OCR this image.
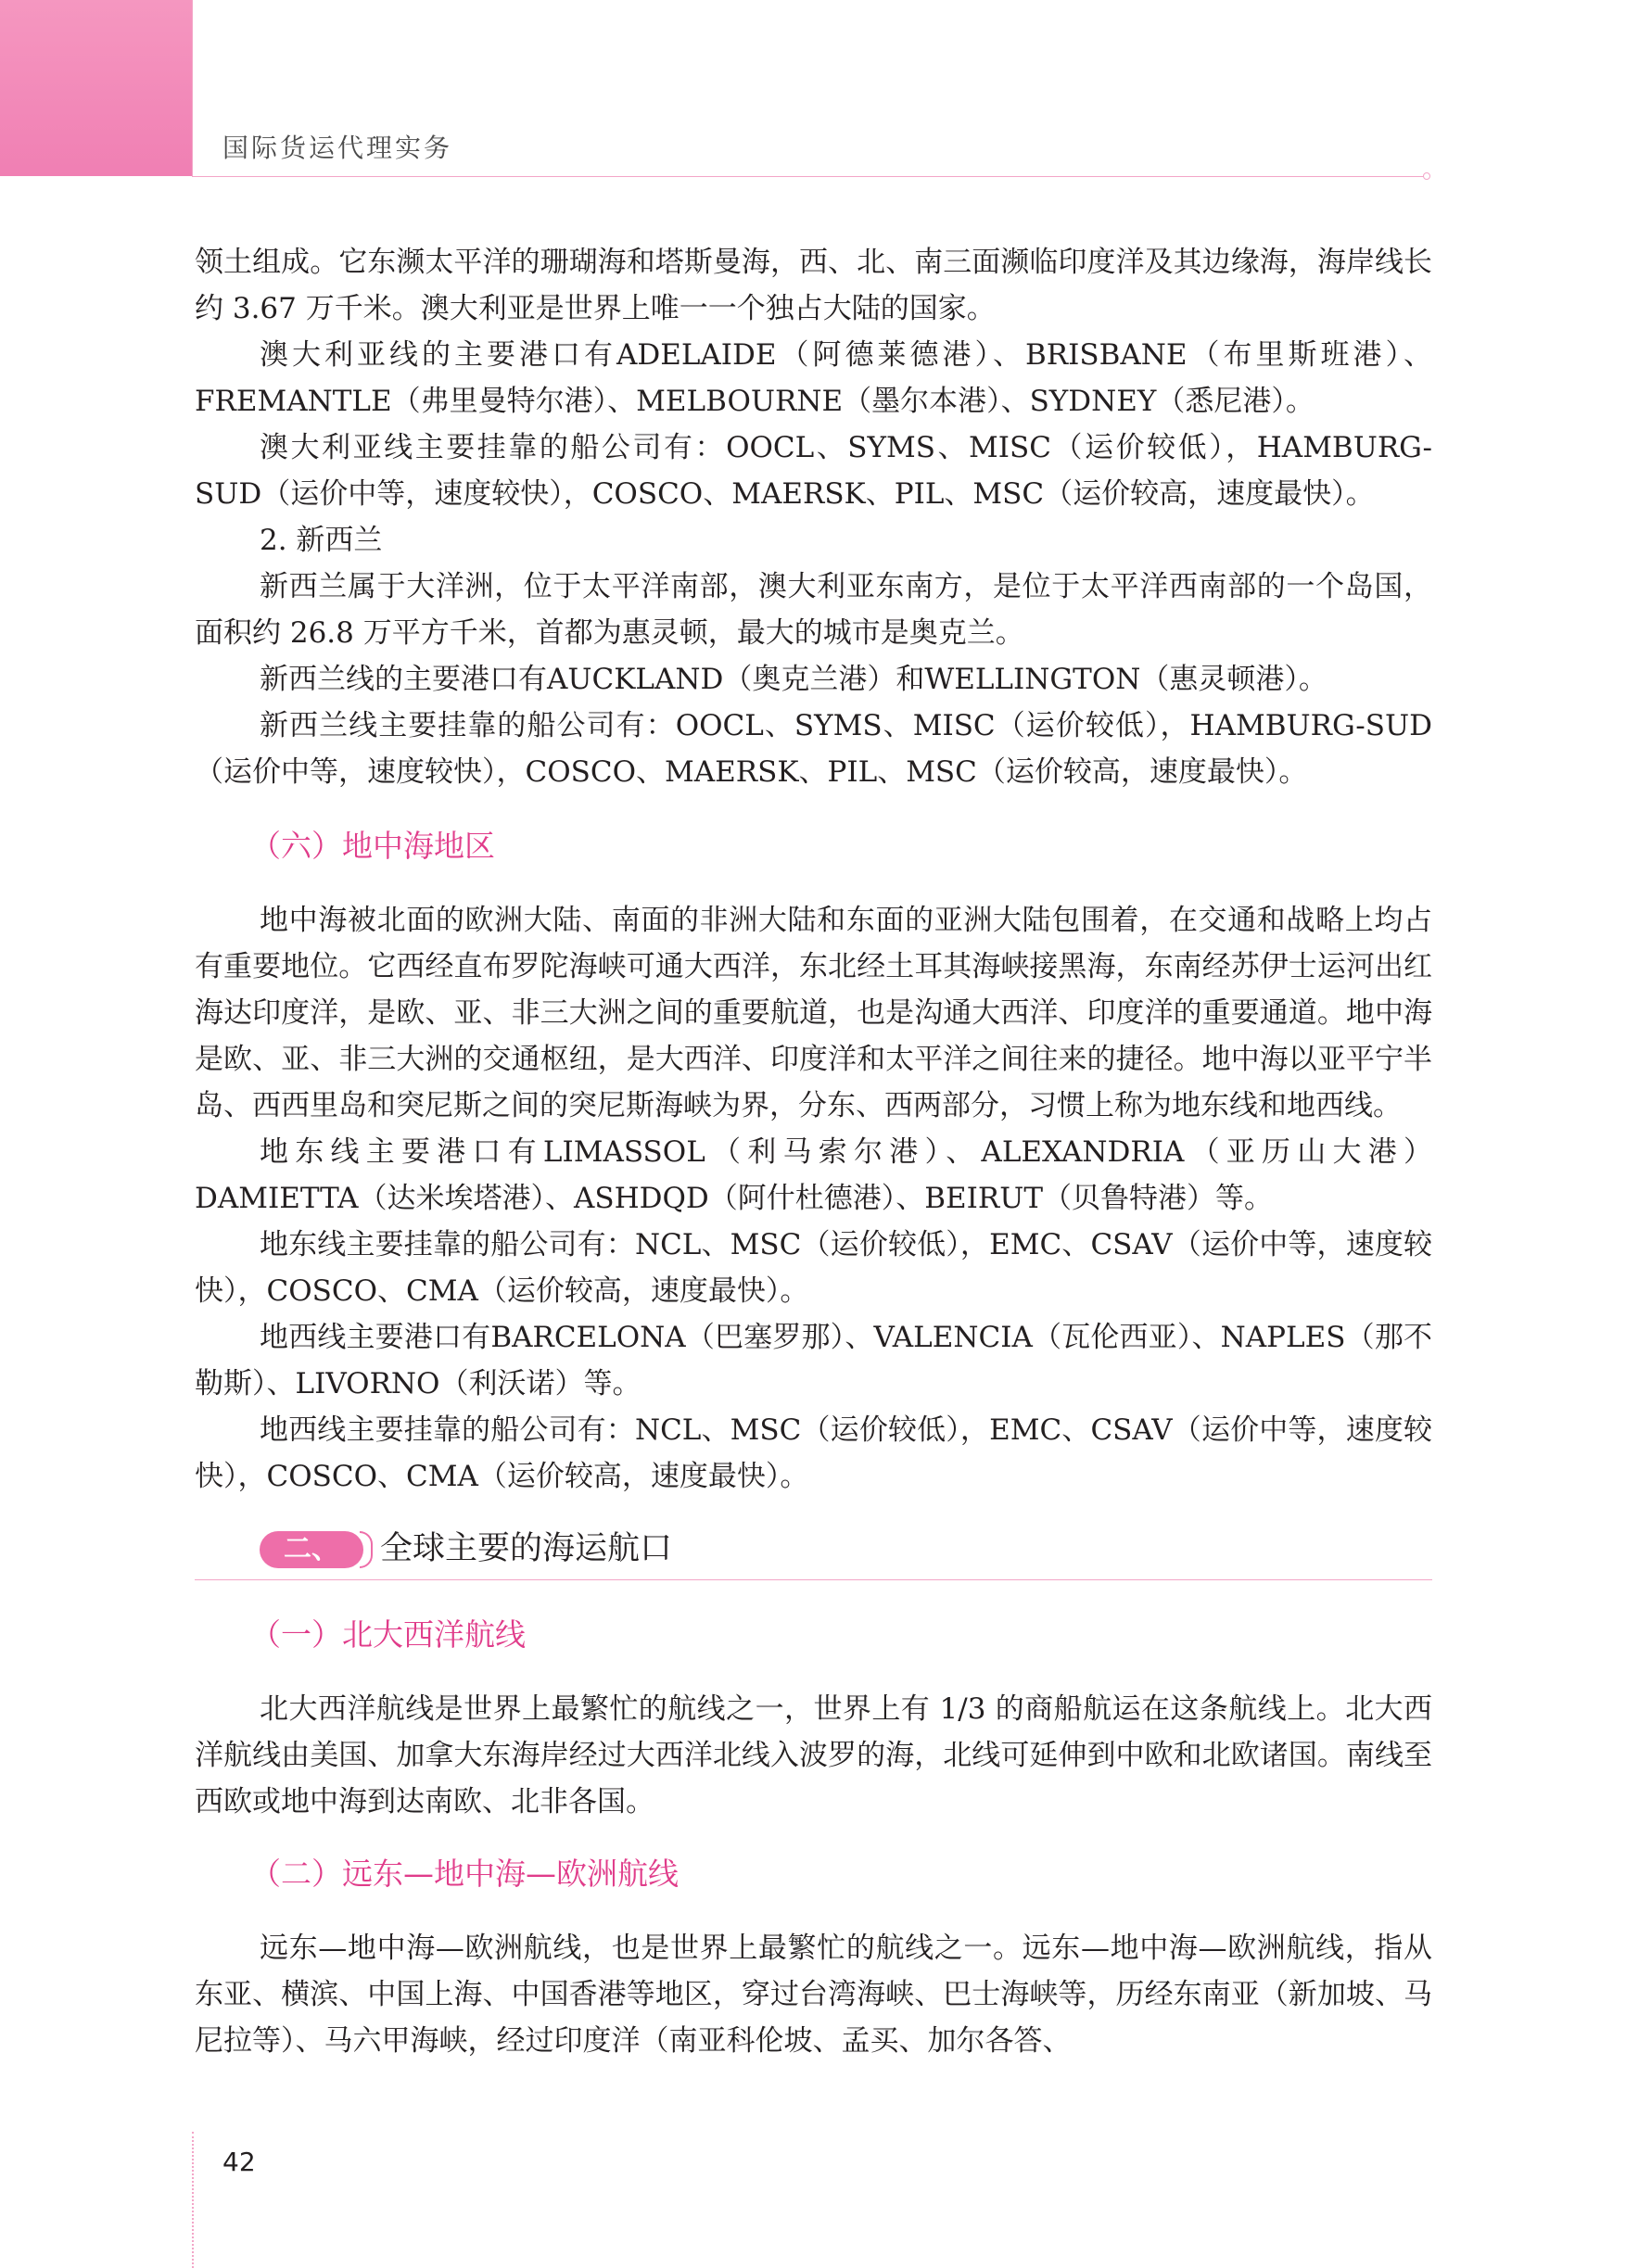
国际货运代理实务

领土组成。它东濒太平洋的珊瑚海和塔斯曼海，西、北、南三面濒临印度洋及其边缘海，海岸线长约 3.67 万千米。澳大利亚是世界上唯一一个独占大陆的国家。

澳大利亚线的主要港口有ADELAIDE（阿德莱德港）、BRISBANE（布里斯班港）、FREMANTLE（弗里曼特尔港）、MELBOURNE（墨尔本港）、SYDNEY（悉尼港）。

澳大利亚线主要挂靠的船公司有：OOCL、SYMS、MISC（运价较低），HAMBURG-SUD（运价中等，速度较快），COSCO、MAERSK、PIL、MSC（运价较高，速度最快）。

2. 新西兰

新西兰属于大洋洲，位于太平洋南部，澳大利亚东南方，是位于太平洋西南部的一个岛国，面积约 26.8 万平方千米，首都为惠灵顿，最大的城市是奥克兰。

新西兰线的主要港口有AUCKLAND（奥克兰港）和WELLINGTON（惠灵顿港）。

新西兰线主要挂靠的船公司有：OOCL、SYMS、MISC（运价较低），HAMBURG-SUD（运价中等，速度较快），COSCO、MAERSK、PIL、MSC（运价较高，速度最快）。

（六）地中海地区

地中海被北面的欧洲大陆、南面的非洲大陆和东面的亚洲大陆包围着，在交通和战略上均占有重要地位。它西经直布罗陀海峡可通大西洋，东北经土耳其海峡接黑海，东南经苏伊士运河出红海达印度洋，是欧、亚、非三大洲之间的重要航道，也是沟通大西洋、印度洋的重要通道。地中海是欧、亚、非三大洲的交通枢纽，是大西洋、印度洋和太平洋之间往来的捷径。地中海以亚平宁半岛、西西里岛和突尼斯之间的突尼斯海峡为界，分东、西两部分，习惯上称为地东线和地西线。

地东线主要港口有LIMASSOL（利马索尔港）、ALEXANDRIA（亚历山大港）DAMIETTA（达米埃塔港）、ASHDQD（阿什杜德港）、BEIRUT（贝鲁特港）等。

地东线主要挂靠的船公司有：NCL、MSC（运价较低），EMC、CSAV（运价中等，速度较快），COSCO、CMA（运价较高，速度最快）。

地西线主要港口有BARCELONA（巴塞罗那）、VALENCIA（瓦伦西亚）、NAPLES（那不勒斯）、LIVORNO（利沃诺）等。

地西线主要挂靠的船公司有：NCL、MSC（运价较低），EMC、CSAV（运价中等，速度较快），COSCO、CMA（运价较高，速度最快）。

二、	全球主要的海运航口

（一）北大西洋航线

北大西洋航线是世界上最繁忙的航线之一，世界上有 1/3 的商船航运在这条航线上。北大西洋航线由美国、加拿大东海岸经过大西洋北线入波罗的海，北线可延伸到中欧和北欧诸国。南线至西欧或地中海到达南欧、北非各国。

（二）远东—地中海—欧洲航线

远东—地中海—欧洲航线，也是世界上最繁忙的航线之一。远东—地中海—欧洲航线，指从东亚、横滨、中国上海、中国香港等地区，穿过台湾海峡、巴士海峡等，历经东南亚（新加坡、马尼拉等）、马六甲海峡，经过印度洋（南亚科伦坡、孟买、加尔各答、

42
